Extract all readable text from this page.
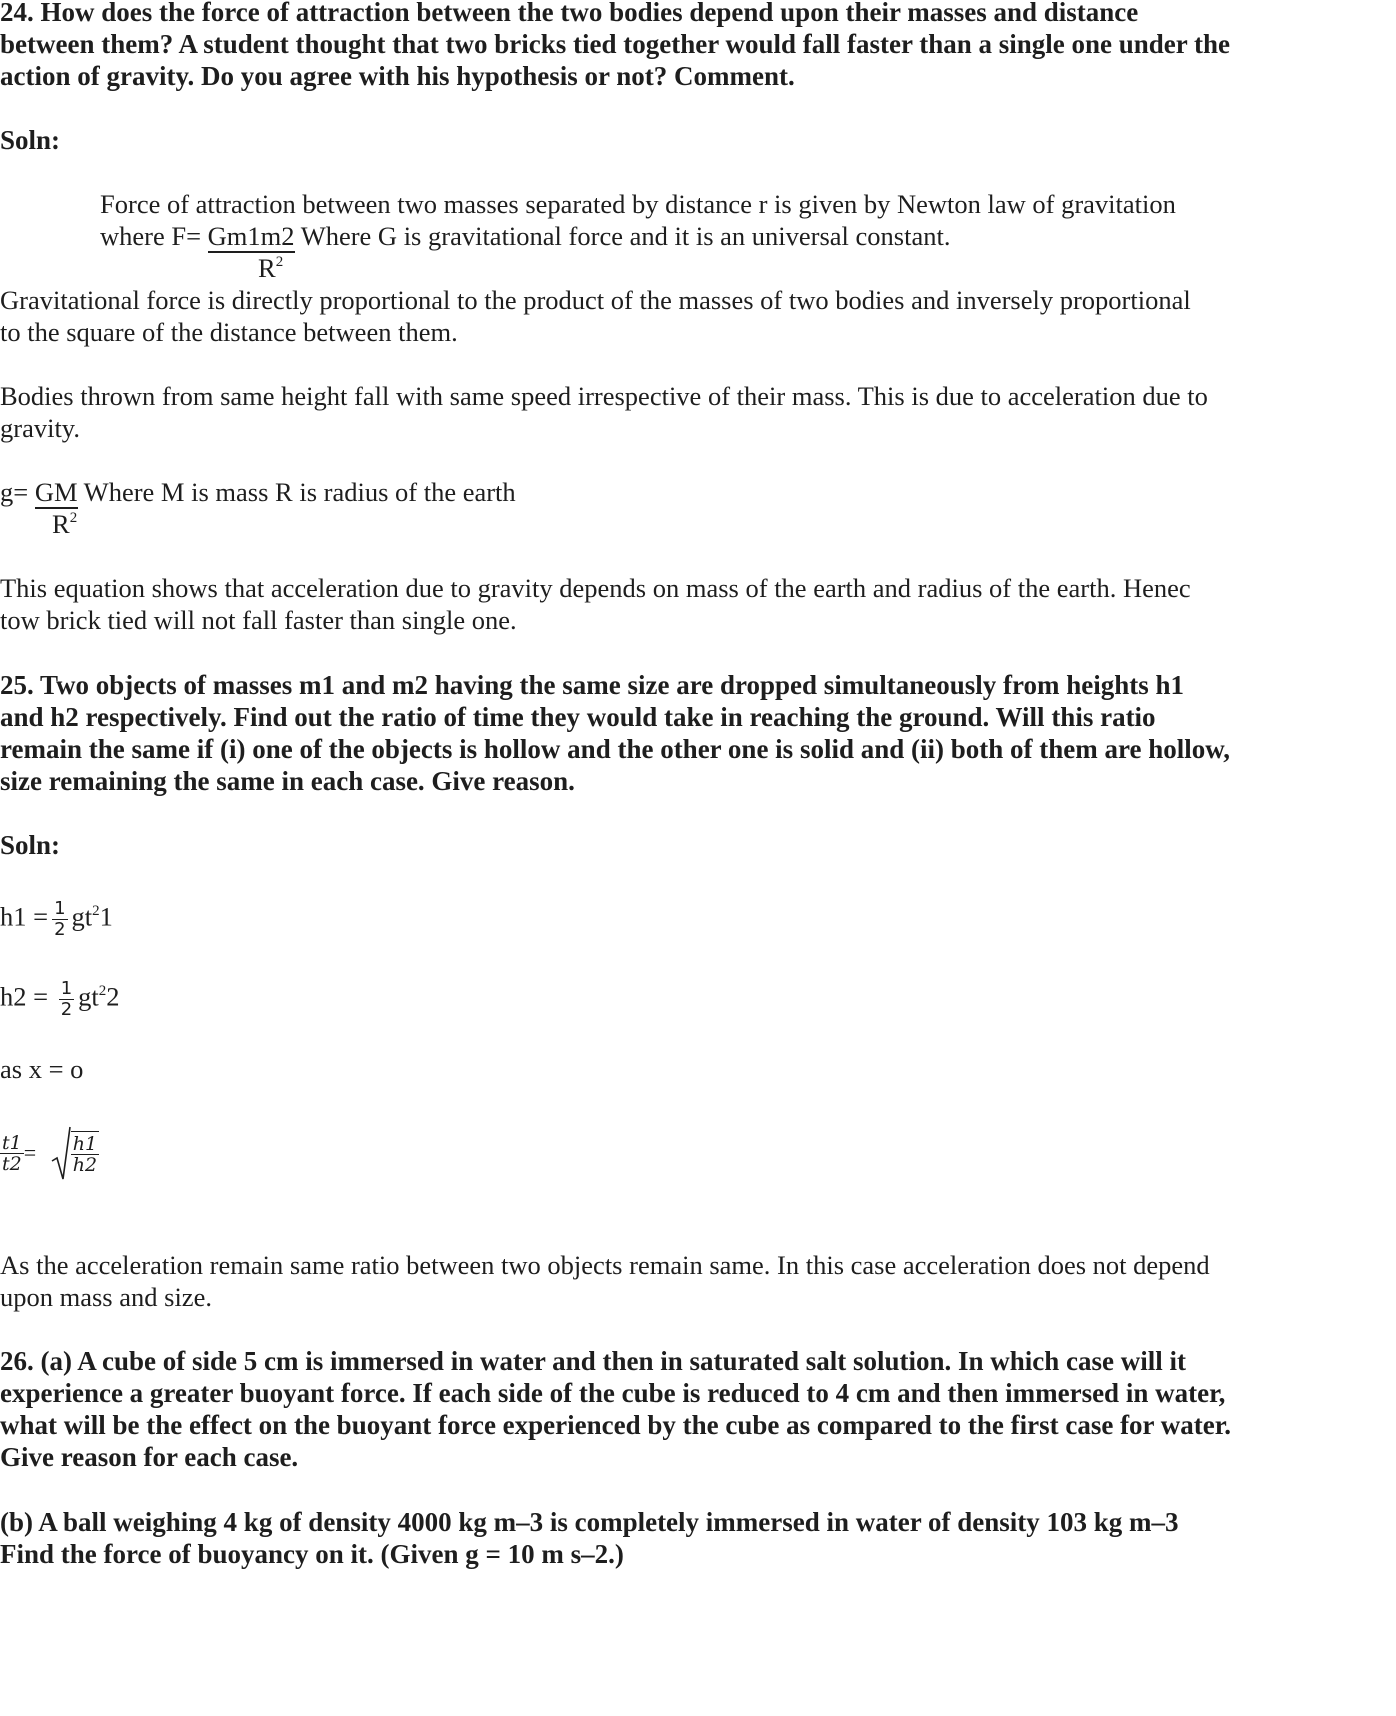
24. How does the force of attraction between the two bodies depend upon their masses and distance
between them? A student thought that two bricks tied together would fall faster than a single one under the
action of gravity. Do you agree with his hypothesis or not? Comment.
Soln:
Force of attraction between two masses separated by distance r is given by Newton law of gravitation
where F= Gm1m2 Where G is gravitational force and it is an universal constant.
$R^2$
Gravitational force is directly proportional to the product of the masses of two bodies and inversely proportional
to the square of the distance between them.
Bodies thrown from same height fall with same speed irrespective of their mass. This is due to acceleration due to
gravity.
g= GM Where M is mass R is radius of the earth
$R^2$
This equation shows that acceleration due to gravity depends on mass of the earth and radius of the earth. Henec
tow brick tied will not fall faster than single one.
25. Two objects of masses m1 and m2 having the same size are dropped simultaneously from heights h1
and h2 respectively. Find out the ratio of time they would take in reaching the ground. Will this ratio
remain the same if (i) one of the objects is hollow and the other one is solid and (ii) both of them are hollow,
size remaining the same in each case. Give reason.
Soln:
$h1 = \frac{1}{2} gt^21$
$h2 = \frac{1}{2} gt^22$
as x = o
$\frac{t1}{t2} = \frac{h1}{h2}$
As the acceleration remain same ratio between two objects remain same. In this case acceleration does not depend
upon mass and size.
26. (a) A cube of side 5 cm is immersed in water and then in saturated salt solution. In which case will it
experience a greater buoyant force. If each side of the cube is reduced to 4 cm and then immersed in water,
what will be the effect on the buoyant force experienced by the cube as compared to the first case for water.
Give reason for each case.
(b) A ball weighing 4 kg of density 4000 kg m–3 is completely immersed in water of density 103 kg m–3
Find the force of buoyancy on it. (Given g = 10 m s–2.)
